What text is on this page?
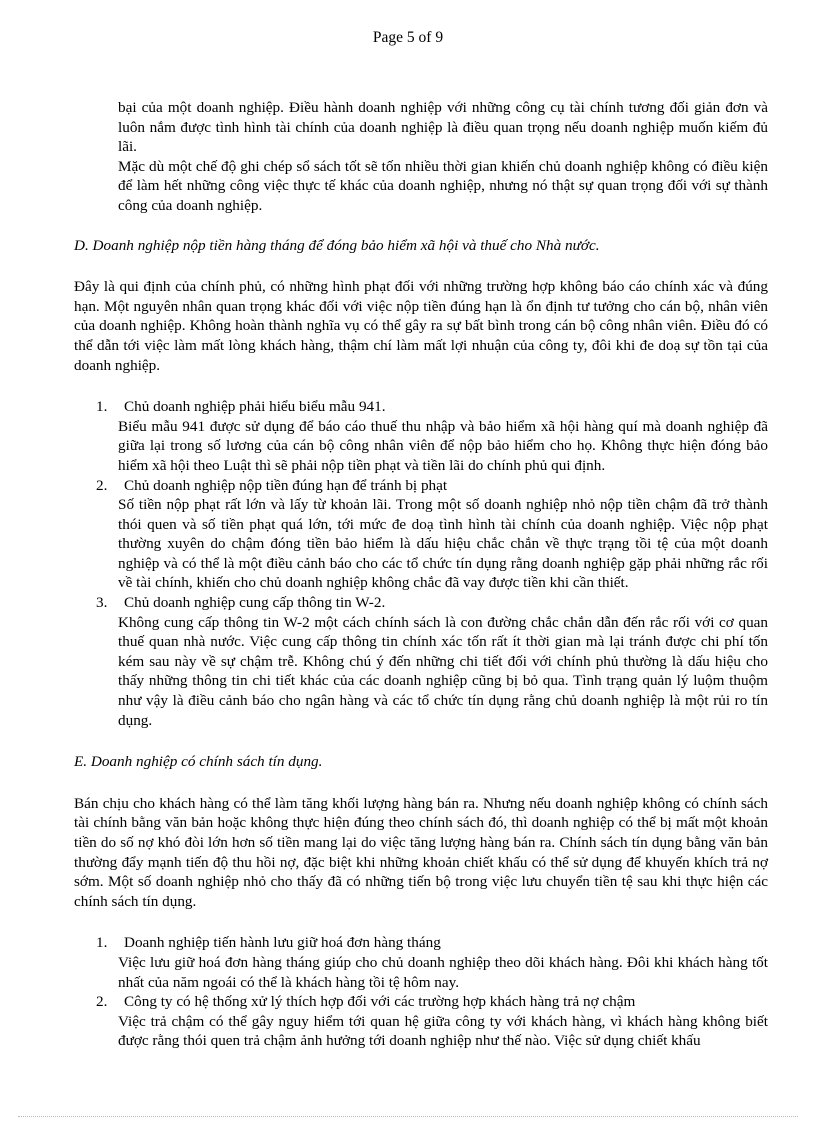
Page 5 of 9

bại của một doanh nghiệp. Điều hành doanh nghiệp với những công cụ tài chính tương đối giản đơn và luôn nắm được tình hình tài chính của doanh nghiệp là điều quan trọng nếu doanh nghiệp muốn kiếm đủ lãi.

Mặc dù một chế độ ghi chép sổ sách tốt sẽ tốn nhiều thời gian khiến chủ doanh nghiệp không có điều kiện để làm hết những công việc thực tế khác của doanh nghiệp, nhưng nó thật sự quan trọng đối với sự thành công của doanh nghiệp.

D. Doanh nghiệp nộp tiền hàng tháng để đóng bảo hiểm xã hội và thuế cho Nhà nước.

Đây là qui định của chính phủ, có những hình phạt đối với những trường hợp không báo cáo chính xác và đúng hạn. Một nguyên nhân quan trọng khác đối với việc nộp tiền đúng hạn là ổn định tư tưởng cho cán bộ, nhân viên của doanh nghiệp. Không hoàn thành nghĩa vụ có thể gây ra sự bất bình trong cán bộ công nhân viên. Điều đó có thể dẫn tới việc làm mất lòng khách hàng, thậm chí làm mất lợi nhuận của công ty, đôi khi đe doạ sự tồn tại của doanh nghiệp.

1.	Chủ doanh nghiệp phải hiểu biểu mẫu 941.

Biểu mẫu 941 được sử dụng để báo cáo thuế thu nhập và bảo hiểm xã hội hàng quí mà doanh nghiệp đã giữa lại trong số lương của cán bộ công nhân viên để nộp bảo hiểm cho họ. Không thực hiện đóng bảo hiểm xã hội theo Luật thì sẽ phải nộp tiền phạt và tiền lãi do chính phủ qui định.

2.	Chủ doanh nghiệp nộp tiền đúng hạn để tránh bị phạt

Số tiền nộp phạt rất lớn và lấy từ khoản lãi. Trong một số doanh nghiệp nhỏ nộp tiền chậm đã trở thành thói quen và số tiền phạt quá lớn, tới mức đe doạ tình hình tài chính của doanh nghiệp. Việc nộp phạt thường xuyên do chậm đóng tiền bảo hiểm là dấu hiệu chắc chắn về thực trạng tồi tệ của một doanh nghiệp và có thể là một điều cảnh báo cho các tổ chức tín dụng rằng doanh nghiệp gặp phải những rắc rối về tài chính, khiến cho chủ doanh nghiệp không chắc đã vay được tiền khi cần thiết.

3.	Chủ doanh nghiệp cung cấp thông tin W-2.

Không cung cấp thông tin W-2 một cách chính sách là con đường chắc chắn dẫn đến rắc rối với cơ quan thuế quan nhà nước. Việc cung cấp thông tin chính xác tốn rất ít thời gian mà lại tránh được chi phí tốn kém sau này về sự chậm trễ. Không chú ý đến những chi tiết đối với chính phủ thường là dấu hiệu cho thấy những thông tin chi tiết khác của các doanh nghiệp cũng bị bỏ qua. Tình trạng quản lý luộm thuộm như vậy là điều cảnh báo cho ngân hàng và các tổ chức tín dụng rằng chủ doanh nghiệp là một rủi ro tín dụng.

E. Doanh nghiệp có chính sách tín dụng.

Bán chịu cho khách hàng có thể làm tăng khối lượng hàng bán ra. Nhưng nếu doanh nghiệp không có chính sách tài chính bằng văn bản hoặc không thực hiện đúng theo chính sách đó, thì doanh nghiệp có thể bị mất một khoản tiền do số nợ khó đòi lớn hơn số tiền mang lại do việc tăng lượng hàng bán ra. Chính sách tín dụng bằng văn bản thường đẩy mạnh tiến độ thu hồi nợ, đặc biệt khi những khoản chiết khấu có thể sử dụng để khuyến khích trả nợ sớm. Một số doanh nghiệp nhỏ cho thấy đã có những tiến bộ trong việc lưu chuyển tiền tệ sau khi thực hiện các chính sách tín dụng.

1.	Doanh nghiệp tiến hành lưu giữ hoá đơn hàng tháng

Việc lưu giữ hoá đơn hàng tháng giúp cho chủ doanh nghiệp theo dõi khách hàng. Đôi khi khách hàng tốt nhất của năm ngoái có thể là khách hàng tồi tệ hôm nay.

2.	Công ty có hệ thống xử lý thích hợp đối với các trường hợp khách hàng trả nợ chậm

Việc trả chậm có thể gây nguy hiểm tới quan hệ giữa công ty với khách hàng, vì khách hàng không biết được rằng thói quen trả chậm ảnh hưởng tới doanh nghiệp như thế nào. Việc sử dụng chiết khấu
